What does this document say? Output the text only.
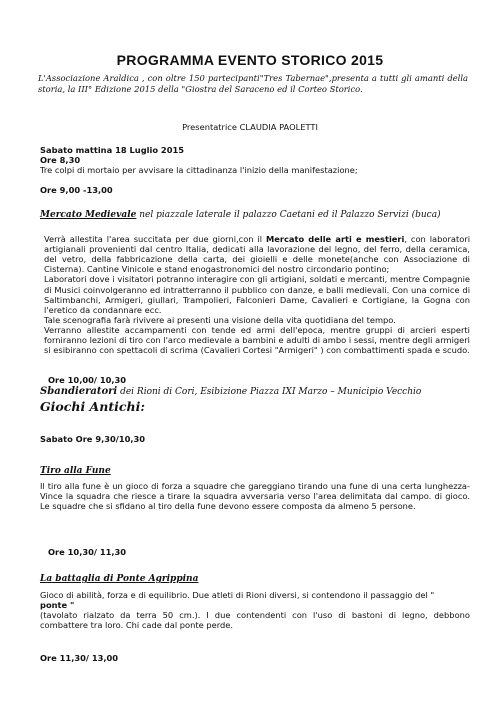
PROGRAMMA EVENTO STORICO 2015
L'Associazione Araldica , con oltre 150 partecipanti"Tres Tabernae",presenta a tutti gli amanti della storia, la III° Edizione 2015 della "Giostra del Saraceno ed il Corteo Storico.
Presentatrice CLAUDIA PAOLETTI

Sabato mattina 18 Luglio 2015

Ore 8,30

Tre colpi di mortaio per avvisare la cittadinanza l'inizio della manifestazione;

Ore 9,00 -13,00
Mercato Medievale nel piazzale laterale il palazzo Caetani ed il Palazzo Servizi (buca)

Verrà allestita l'area succitata per due giorni,con il Mercato delle arti e mestieri, con laboratori artigianali provenienti dal centro Italia, dedicati alla lavorazione del legno, del ferro, della ceramica, del vetro, della fabbricazione della carta, dei gioielli e delle monete(anche con Associazione di Cisterna). Cantine Vinicole e stand enogastronomici del nostro circondario pontino;

Laboratori dove i visitatori potranno interagire con gli artigiani, soldati e mercanti, mentre Compagnie di Musici coinvolgeranno ed intratterranno il pubblico con danze, e balli medievali. Con una cornice di Saltimbanchi, Armigeri, giullari, Trampolieri, Falconieri Dame, Cavalieri e Cortigiane, la Gogna con l'eretico da condannare ecc.

Tale scenografia farà rivivere ai presenti una visione della vita quotidiana del tempo.

Verranno allestite accampamenti con tende ed armi dell'epoca, mentre gruppi di arcieri esperti forniranno lezioni di tiro con l'arco medievale a bambini e adulti di ambo i sessi, mentre degli armigeri si esibiranno con spettacoli di scrima (Cavalieri Cortesi "Armigeri" ) con combattimenti spada e scudo.

Ore 10,00/ 10,30
Sbandieratori dei Rioni di Cori, Esibizione Piazza IXI Marzo – Municipio Vecchio
Giochi Antichi:
Sabato Ore 9,30/10,30
Tiro alla Fune
Il tiro alla fune è un gioco di forza a squadre che gareggiano tirando una fune di una certa lunghezza-Vince la squadra che riesce a tirare la squadra avversaria verso l'area delimitata dal campo. di gioco. Le squadre che si sfidano al tiro della fune devono essere composta da almeno 5 persone.
Ore 10,30/ 11,30
La battaglia di Ponte Agrippina

Gioco di abilità, forza e di equilibrio. Due atleti di Rioni diversi, si contendono il passaggio del "
ponte "

(tavolato rialzato da terra 50 cm.). I due contendenti con l'uso di bastoni di legno, debbono combattere tra loro. Chi cade dal ponte perde.

Ore 11,30/ 13,00
